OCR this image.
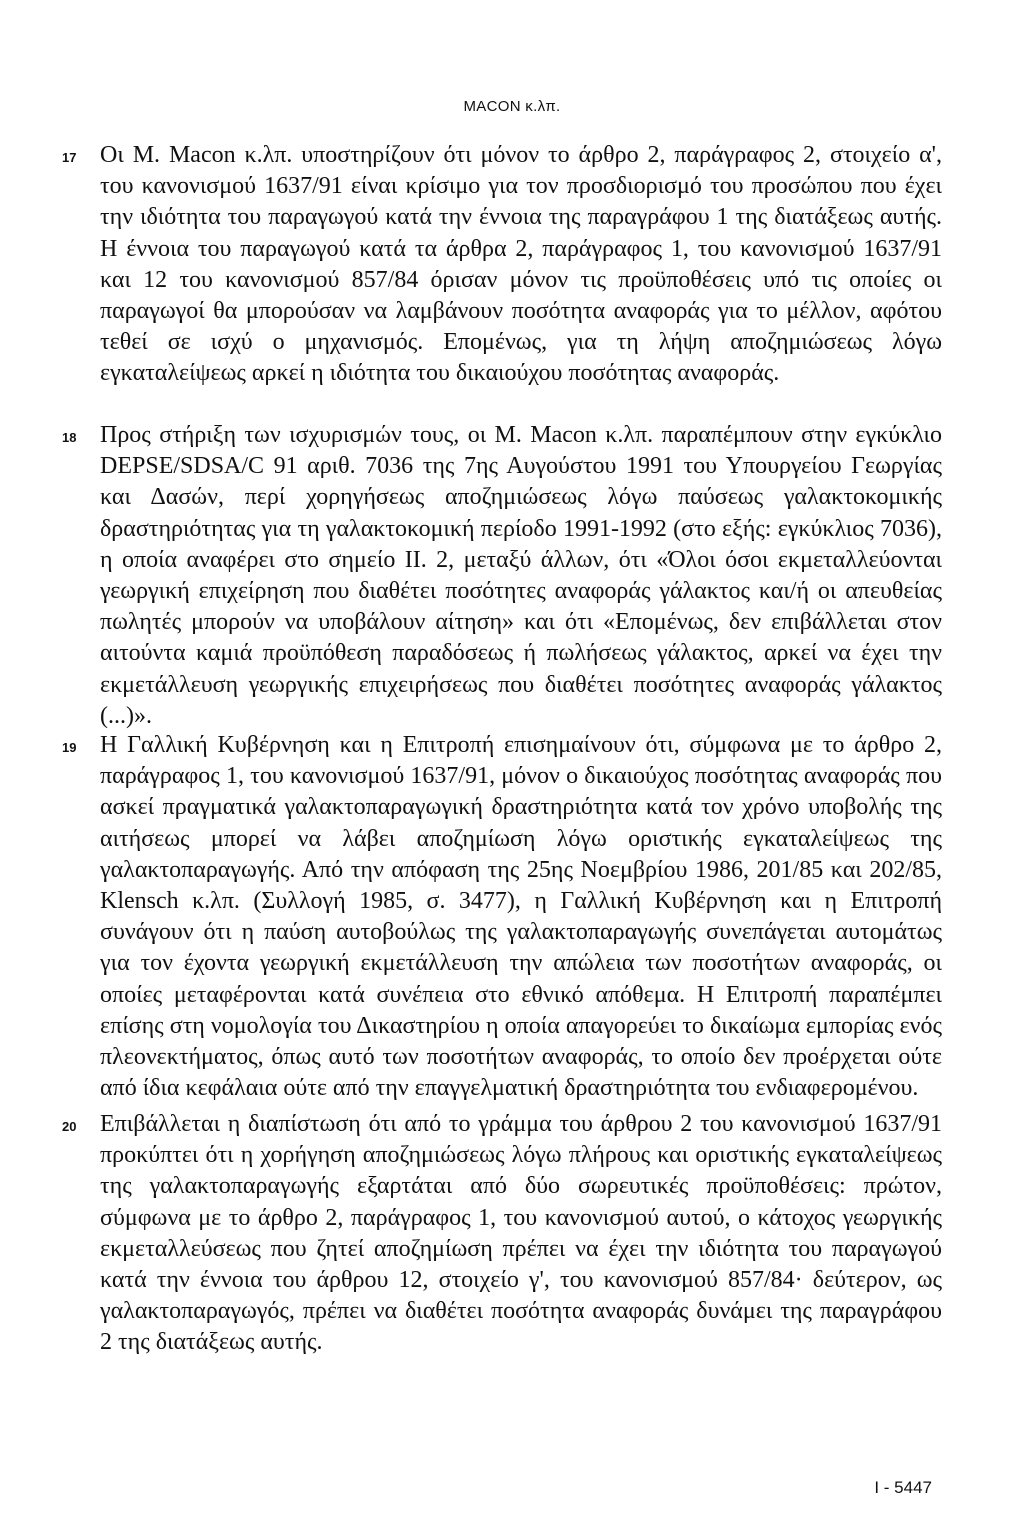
MACON κ.λπ.
17 Οι Μ. Macon κ.λπ. υποστηρίζουν ότι μόνον το άρθρο 2, παράγραφος 2, στοιχείο α', του κανονισμού 1637/91 είναι κρίσιμο για τον προσδιορισμό του προσώπου που έχει την ιδιότητα του παραγωγού κατά την έννοια της παραγράφου 1 της διατάξεως αυτής. Η έννοια του παραγωγού κατά τα άρθρα 2, παράγραφος 1, του κανονισμού 1637/91 και 12 του κανονισμού 857/84 όρισαν μόνον τις προϋποθέσεις υπό τις οποίες οι παραγωγοί θα μπορούσαν να λαμβάνουν ποσότητα αναφοράς για το μέλλον, αφότου τεθεί σε ισχύ ο μηχανισμός. Επομένως, για τη λήψη αποζημιώσεως λόγω εγκαταλείψεως αρκεί η ιδιότητα του δικαιούχου ποσότητας αναφοράς.

18 Προς στήριξη των ισχυρισμών τους, οι Μ. Macon κ.λπ. παραπέμπουν στην εγκύκλιο DEPSE/SDSA/C 91 αριθ. 7036 της 7ης Αυγούστου 1991 του Υπουργείου Γεωργίας και Δασών, περί χορηγήσεως αποζημιώσεως λόγω παύσεως γαλακτοκομικής δραστηριότητας για τη γαλακτοκομική περίοδο 1991-1992 (στο εξής: εγκύκλιος 7036), η οποία αναφέρει στο σημείο II. 2, μεταξύ άλλων, ότι «Όλοι όσοι εκμεταλλεύονται γεωργική επιχείρηση που διαθέτει ποσότητες αναφοράς γάλακτος και/ή οι απευθείας πωλητές μπορούν να υποβάλουν αίτηση» και ότι «Επομένως, δεν επιβάλλεται στον αιτούντα καμιά προϋπόθεση παραδόσεως ή πωλήσεως γάλακτος, αρκεί να έχει την εκμετάλλευση γεωργικής επιχειρήσεως που διαθέτει ποσότητες αναφοράς γάλακτος (...)».

19 Η Γαλλική Κυβέρνηση και η Επιτροπή επισημαίνουν ότι, σύμφωνα με το άρθρο 2, παράγραφος 1, του κανονισμού 1637/91, μόνον ο δικαιούχος ποσότητας αναφοράς που ασκεί πραγματικά γαλακτοπαραγωγική δραστηριότητα κατά τον χρόνο υποβολής της αιτήσεως μπορεί να λάβει αποζημίωση λόγω οριστικής εγκαταλείψεως της γαλακτοπαραγωγής. Από την απόφαση της 25ης Νοεμβρίου 1986, 201/85 και 202/85, Klensch κ.λπ. (Συλλογή 1985, σ. 3477), η Γαλλική Κυβέρνηση και η Επιτροπή συνάγουν ότι η παύση αυτοβούλως της γαλακτοπαραγωγής συνεπάγεται αυτομάτως για τον έχοντα γεωργική εκμετάλλευση την απώλεια των ποσοτήτων αναφοράς, οι οποίες μεταφέρονται κατά συνέπεια στο εθνικό απόθεμα. Η Επιτροπή παραπέμπει επίσης στη νομολογία του Δικαστηρίου η οποία απαγορεύει το δικαίωμα εμπορίας ενός πλεονεκτήματος, όπως αυτό των ποσοτήτων αναφοράς, το οποίο δεν προέρχεται ούτε από ίδια κεφάλαια ούτε από την επαγγελματική δραστηριότητα του ενδιαφερομένου.

20 Επιβάλλεται η διαπίστωση ότι από το γράμμα του άρθρου 2 του κανονισμού 1637/91 προκύπτει ότι η χορήγηση αποζημιώσεως λόγω πλήρους και οριστικής εγκαταλείψεως της γαλακτοπαραγωγής εξαρτάται από δύο σωρευτικές προϋποθέσεις: πρώτον, σύμφωνα με το άρθρο 2, παράγραφος 1, του κανονισμού αυτού, ο κάτοχος γεωργικής εκμεταλλεύσεως που ζητεί αποζημίωση πρέπει να έχει την ιδιότητα του παραγωγού κατά την έννοια του άρθρου 12, στοιχείο γ', του κανονισμού 857/84· δεύτερον, ως γαλακτοπαραγωγός, πρέπει να διαθέτει ποσότητα αναφοράς δυνάμει της παραγράφου 2 της διατάξεως αυτής.

I - 5447
